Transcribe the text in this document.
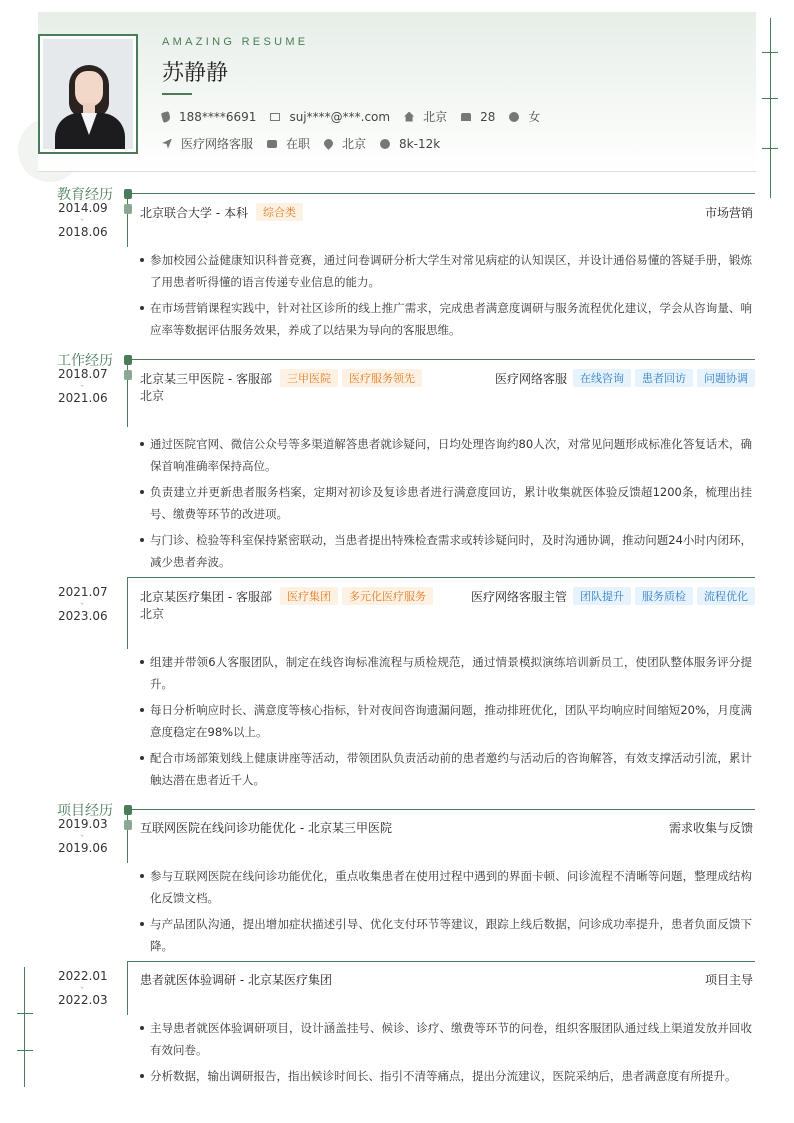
AMAZING RESUME
苏静静
188****6691	suj****@***.com	北京	28	女
医疗网络客服	在职	北京	8k-12k
教育经历
2014.09
-
2018.06
北京联合大学 - 本科	综合类	市场营销
参加校园公益健康知识科普竞赛，通过问卷调研分析大学生对常见病症的认知误区，并设计通俗易懂的答疑手册，锻炼了用患者听得懂的语言传递专业信息的能力。
在市场营销课程实践中，针对社区诊所的线上推广需求，完成患者满意度调研与服务流程优化建议，学会从咨询量、响应率等数据评估服务效果，养成了以结果为导向的客服思维。
工作经历
2018.07
-
2021.06
北京某三甲医院 - 客服部	三甲医院	医疗服务领先	医疗网络客服	在线咨询	患者回访	问题协调
北京
通过医院官网、微信公众号等多渠道解答患者就诊疑问，日均处理咨询约80人次，对常见问题形成标准化答复话术，确保首响准确率保持高位。
负责建立并更新患者服务档案，定期对初诊及复诊患者进行满意度回访，累计收集就医体验反馈超1200条，梳理出挂号、缴费等环节的改进项。
与门诊、检验等科室保持紧密联动，当患者提出特殊检查需求或转诊疑问时，及时沟通协调，推动问题24小时内闭环，减少患者奔波。
2021.07
-
2023.06
北京某医疗集团 - 客服部	医疗集团	多元化医疗服务	医疗网络客服主管	团队提升	服务质检	流程优化
北京
组建并带领6人客服团队，制定在线咨询标准流程与质检规范，通过情景模拟演练培训新员工，使团队整体服务评分提升。
每日分析响应时长、满意度等核心指标，针对夜间咨询遗漏问题，推动排班优化，团队平均响应时间缩短20%，月度满意度稳定在98%以上。
配合市场部策划线上健康讲座等活动，带领团队负责活动前的患者邀约与活动后的咨询解答，有效支撑活动引流，累计触达潜在患者近千人。
项目经历
2019.03
-
2019.06
互联网医院在线问诊功能优化 - 北京某三甲医院	需求收集与反馈
参与互联网医院在线问诊功能优化，重点收集患者在使用过程中遇到的界面卡顿、问诊流程不清晰等问题，整理成结构化反馈文档。
与产品团队沟通，提出增加症状描述引导、优化支付环节等建议，跟踪上线后数据，问诊成功率提升，患者负面反馈下降。
2022.01
-
2022.03
患者就医体验调研 - 北京某医疗集团	项目主导
主导患者就医体验调研项目，设计涵盖挂号、候诊、诊疗、缴费等环节的问卷，组织客服团队通过线上渠道发放并回收有效问卷。
分析数据，输出调研报告，指出候诊时间长、指引不清等痛点，提出分流建议，医院采纳后，患者满意度有所提升。
